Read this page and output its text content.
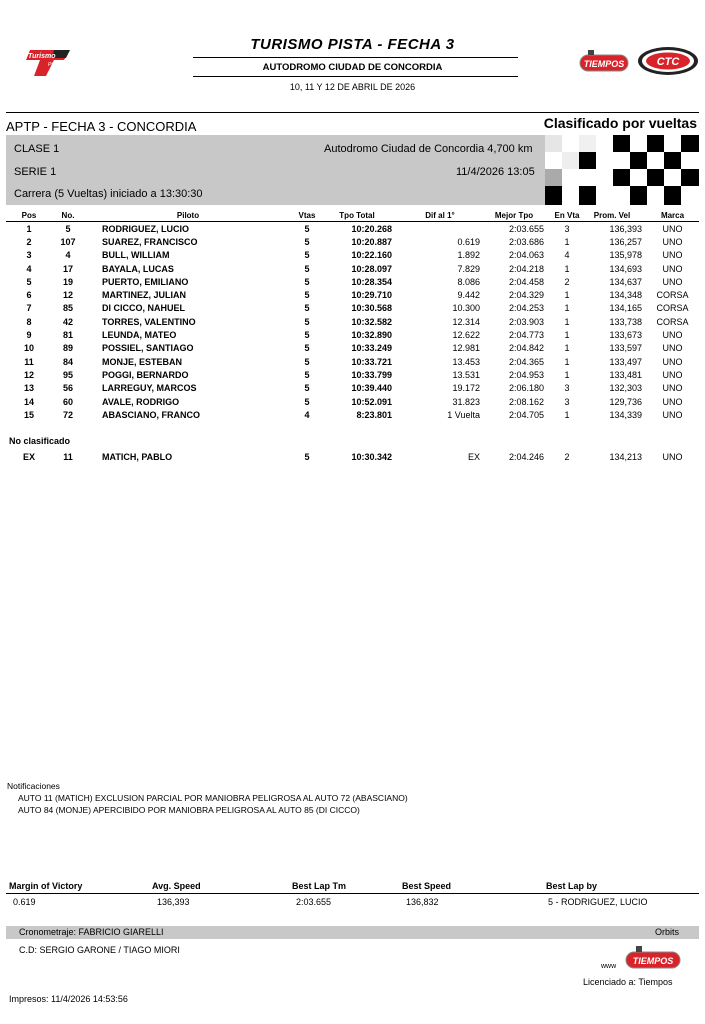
Turismo
Pista
TURISMO PISTA - FECHA 3
AUTODROMO CIUDAD DE CONCORDIA
10, 11 Y 12 DE ABRIL DE 2026
TIEMPOS	CTC
APTP - FECHA 3 - CONCORDIA	Clasificado por vueltas
CLASE 1
SERIE 1
Carrera (5 Vueltas) iniciado a 13:30:30
Autodromo Ciudad de Concordia 4,700 km
11/4/2026 13:05
Pos	No.	Piloto	Vtas	Tpo Total	Dif al 1°	Mejor Tpo	En Vta	Prom. Vel	Marca
1	5	RODRIGUEZ, LUCIO	5	10:20.268		2:03.655	3	136,393	UNO
2	107	SUAREZ, FRANCISCO	5	10:20.887	0.619	2:03.686	1	136,257	UNO
3	4	BULL, WILLIAM	5	10:22.160	1.892	2:04.063	4	135,978	UNO
4	17	BAYALA, LUCAS	5	10:28.097	7.829	2:04.218	1	134,693	UNO
5	19	PUERTO, EMILIANO	5	10:28.354	8.086	2:04.458	2	134,637	UNO
6	12	MARTINEZ, JULIAN	5	10:29.710	9.442	2:04.329	1	134,348	CORSA
7	85	DI CICCO, NAHUEL	5	10:30.568	10.300	2:04.253	1	134,165	CORSA
8	42	TORRES, VALENTINO	5	10:32.582	12.314	2:03.903	1	133,738	CORSA
9	81	LEUNDA, MATEO	5	10:32.890	12.622	2:04.773	1	133,673	UNO
10	89	POSSIEL, SANTIAGO	5	10:33.249	12.981	2:04.842	1	133,597	UNO
11	84	MONJE, ESTEBAN	5	10:33.721	13.453	2:04.365	1	133,497	UNO
12	95	POGGI, BERNARDO	5	10:33.799	13.531	2:04.953	1	133,481	UNO
13	56	LARREGUY, MARCOS	5	10:39.440	19.172	2:06.180	3	132,303	UNO
14	60	AVALE, RODRIGO	5	10:52.091	31.823	2:08.162	3	129,736	UNO
15	72	ABASCIANO, FRANCO	4	8:23.801	1 Vuelta	2:04.705	1	134,339	UNO
No clasificado
EX	11	MATICH, PABLO	5	10:30.342	EX	2:04.246	2	134,213	UNO
Notificaciones
AUTO 11 (MATICH) EXCLUSION PARCIAL POR MANIOBRA PELIGROSA AL AUTO 72 (ABASCIANO)
AUTO 84 (MONJE) APERCIBIDO POR MANIOBRA PELIGROSA AL AUTO 85 (DI CICCO)
Margin of Victory	Avg. Speed	Best Lap Tm	Best Speed	Best Lap by
0.619	136,393	2:03.655	136,832	5 - RODRIGUEZ, LUCIO
Cronometraje: FABRICIO GIARELLI	Orbits
C.D: SERGIO GARONE / TIAGO MIORI
www
TIEMPOS
Licenciado a: Tiempos
Impresos: 11/4/2026 14:53:56
